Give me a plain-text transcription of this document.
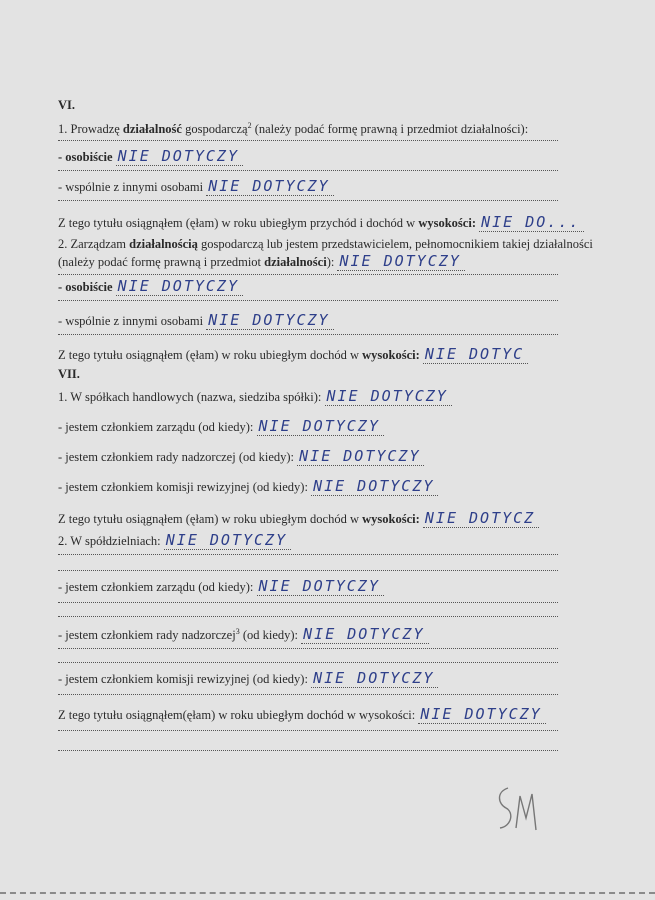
VI.
1. Prowadzę działalność gospodarczą$^2$ (należy podać formę prawną i przedmiot działalności):
- osobiście NIE DOTYCZY
- wspólnie z innymi osobami NIE DOTYCZY
Z tego tytułu osiągnąłem (ęłam) w roku ubiegłym przychód i dochód w wysokości: NIE DO...
2. Zarządzam działalnością gospodarczą lub jestem przedstawicielem, pełnomocnikiem takiej działalności
(należy podać formę prawną i przedmiot działalności): NIE DOTYCZY
- osobiście NIE DOTYCZY
- wspólnie z innymi osobami NIE DOTYCZY
Z tego tytułu osiągnąłem (ęłam) w roku ubiegłym dochód w wysokości: NIE DOTYC
VII.
1. W spółkach handlowych (nazwa, siedziba spółki): NIE DOTYCZY
- jestem członkiem zarządu (od kiedy): NIE DOTYCZY
- jestem członkiem rady nadzorczej (od kiedy): NIE DOTYCZY
- jestem członkiem komisji rewizyjnej (od kiedy): NIE DOTYCZY
Z tego tytułu osiągnąłem (ęłam) w roku ubiegłym dochód w wysokości: NIE DOTYCZ
2. W spółdzielniach: NIE DOTYCZY
- jestem członkiem zarządu (od kiedy): NIE DOTYCZY
- jestem członkiem rady nadzorczej$^3$ (od kiedy): NIE DOTYCZY
- jestem członkiem komisji rewizyjnej (od kiedy): NIE DOTYCZY
Z tego tytułu osiągnąłem(ęłam) w roku ubiegłym dochód w wysokości: NIE DOTYCZY
